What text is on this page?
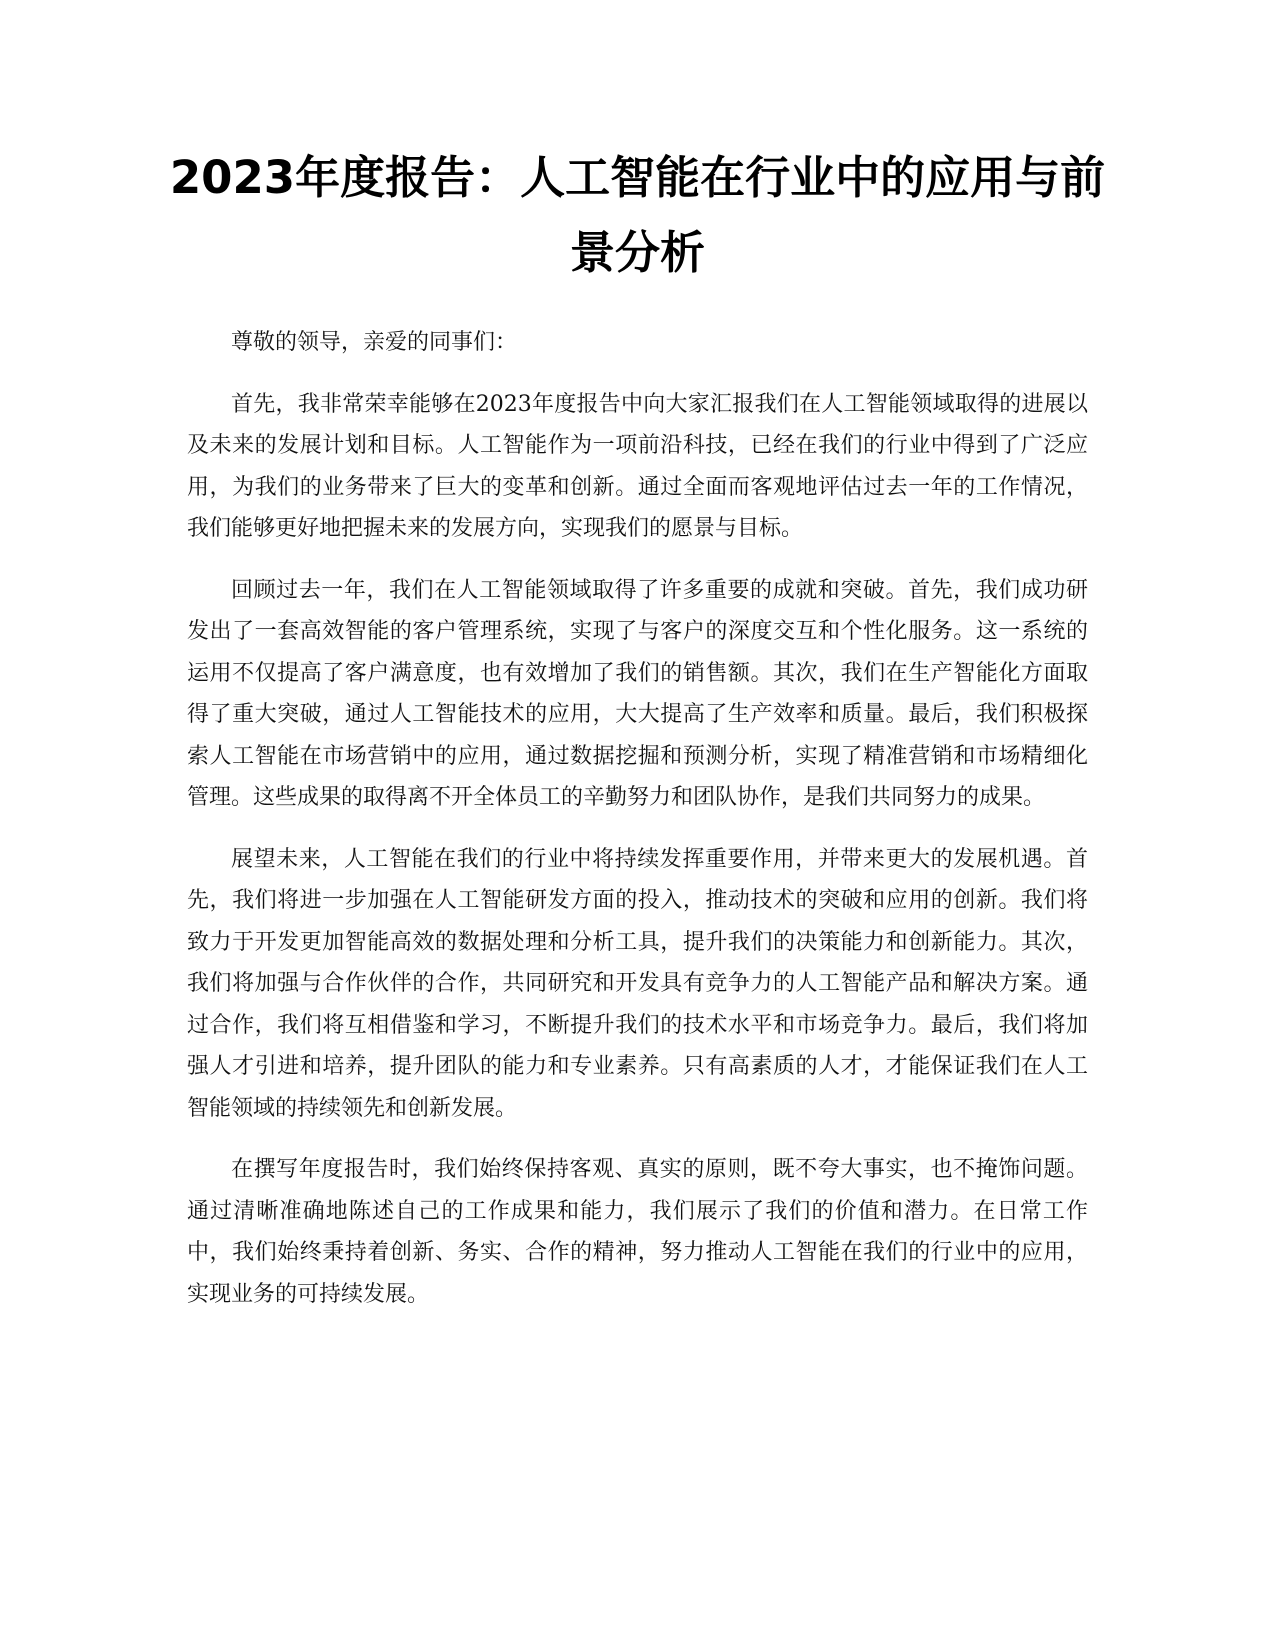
2023年度报告：人工智能在行业中的应用与前景分析

尊敬的领导，亲爱的同事们：

首先，我非常荣幸能够在2023年度报告中向大家汇报我们在人工智能领域取得的进展以及未来的发展计划和目标。人工智能作为一项前沿科技，已经在我们的行业中得到了广泛应用，为我们的业务带来了巨大的变革和创新。通过全面而客观地评估过去一年的工作情况，我们能够更好地把握未来的发展方向，实现我们的愿景与目标。

回顾过去一年，我们在人工智能领域取得了许多重要的成就和突破。首先，我们成功研发出了一套高效智能的客户管理系统，实现了与客户的深度交互和个性化服务。这一系统的运用不仅提高了客户满意度，也有效增加了我们的销售额。其次，我们在生产智能化方面取得了重大突破，通过人工智能技术的应用，大大提高了生产效率和质量。最后，我们积极探索人工智能在市场营销中的应用，通过数据挖掘和预测分析，实现了精准营销和市场精细化管理。这些成果的取得离不开全体员工的辛勤努力和团队协作，是我们共同努力的成果。

展望未来，人工智能在我们的行业中将持续发挥重要作用，并带来更大的发展机遇。首先，我们将进一步加强在人工智能研发方面的投入，推动技术的突破和应用的创新。我们将致力于开发更加智能高效的数据处理和分析工具，提升我们的决策能力和创新能力。其次，我们将加强与合作伙伴的合作，共同研究和开发具有竞争力的人工智能产品和解决方案。通过合作，我们将互相借鉴和学习，不断提升我们的技术水平和市场竞争力。最后，我们将加强人才引进和培养，提升团队的能力和专业素养。只有高素质的人才，才能保证我们在人工智能领域的持续领先和创新发展。

在撰写年度报告时，我们始终保持客观、真实的原则，既不夸大事实，也不掩饰问题。通过清晰准确地陈述自己的工作成果和能力，我们展示了我们的价值和潜力。在日常工作中，我们始终秉持着创新、务实、合作的精神，努力推动人工智能在我们的行业中的应用，实现业务的可持续发展。
